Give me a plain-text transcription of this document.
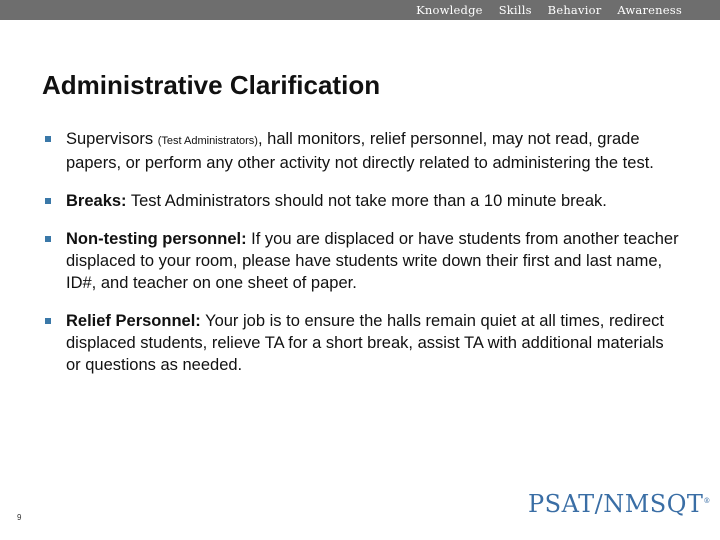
Knowledge Skills Behavior Awareness
Administrative Clarification
Supervisors (Test Administrators), hall monitors, relief personnel, may not read, grade papers, or perform any other activity not directly related to administering the test.
Breaks: Test Administrators should not take more than a 10 minute break.
Non-testing personnel: If you are displaced or have students from another teacher displaced to your room, please have students write down their first and last name, ID#, and teacher on one sheet of paper.
Relief Personnel: Your job is to ensure the halls remain quiet at all times, redirect displaced students, relieve TA for a short break, assist TA with additional materials or questions as needed.
9	PSAT/NMSQT®
